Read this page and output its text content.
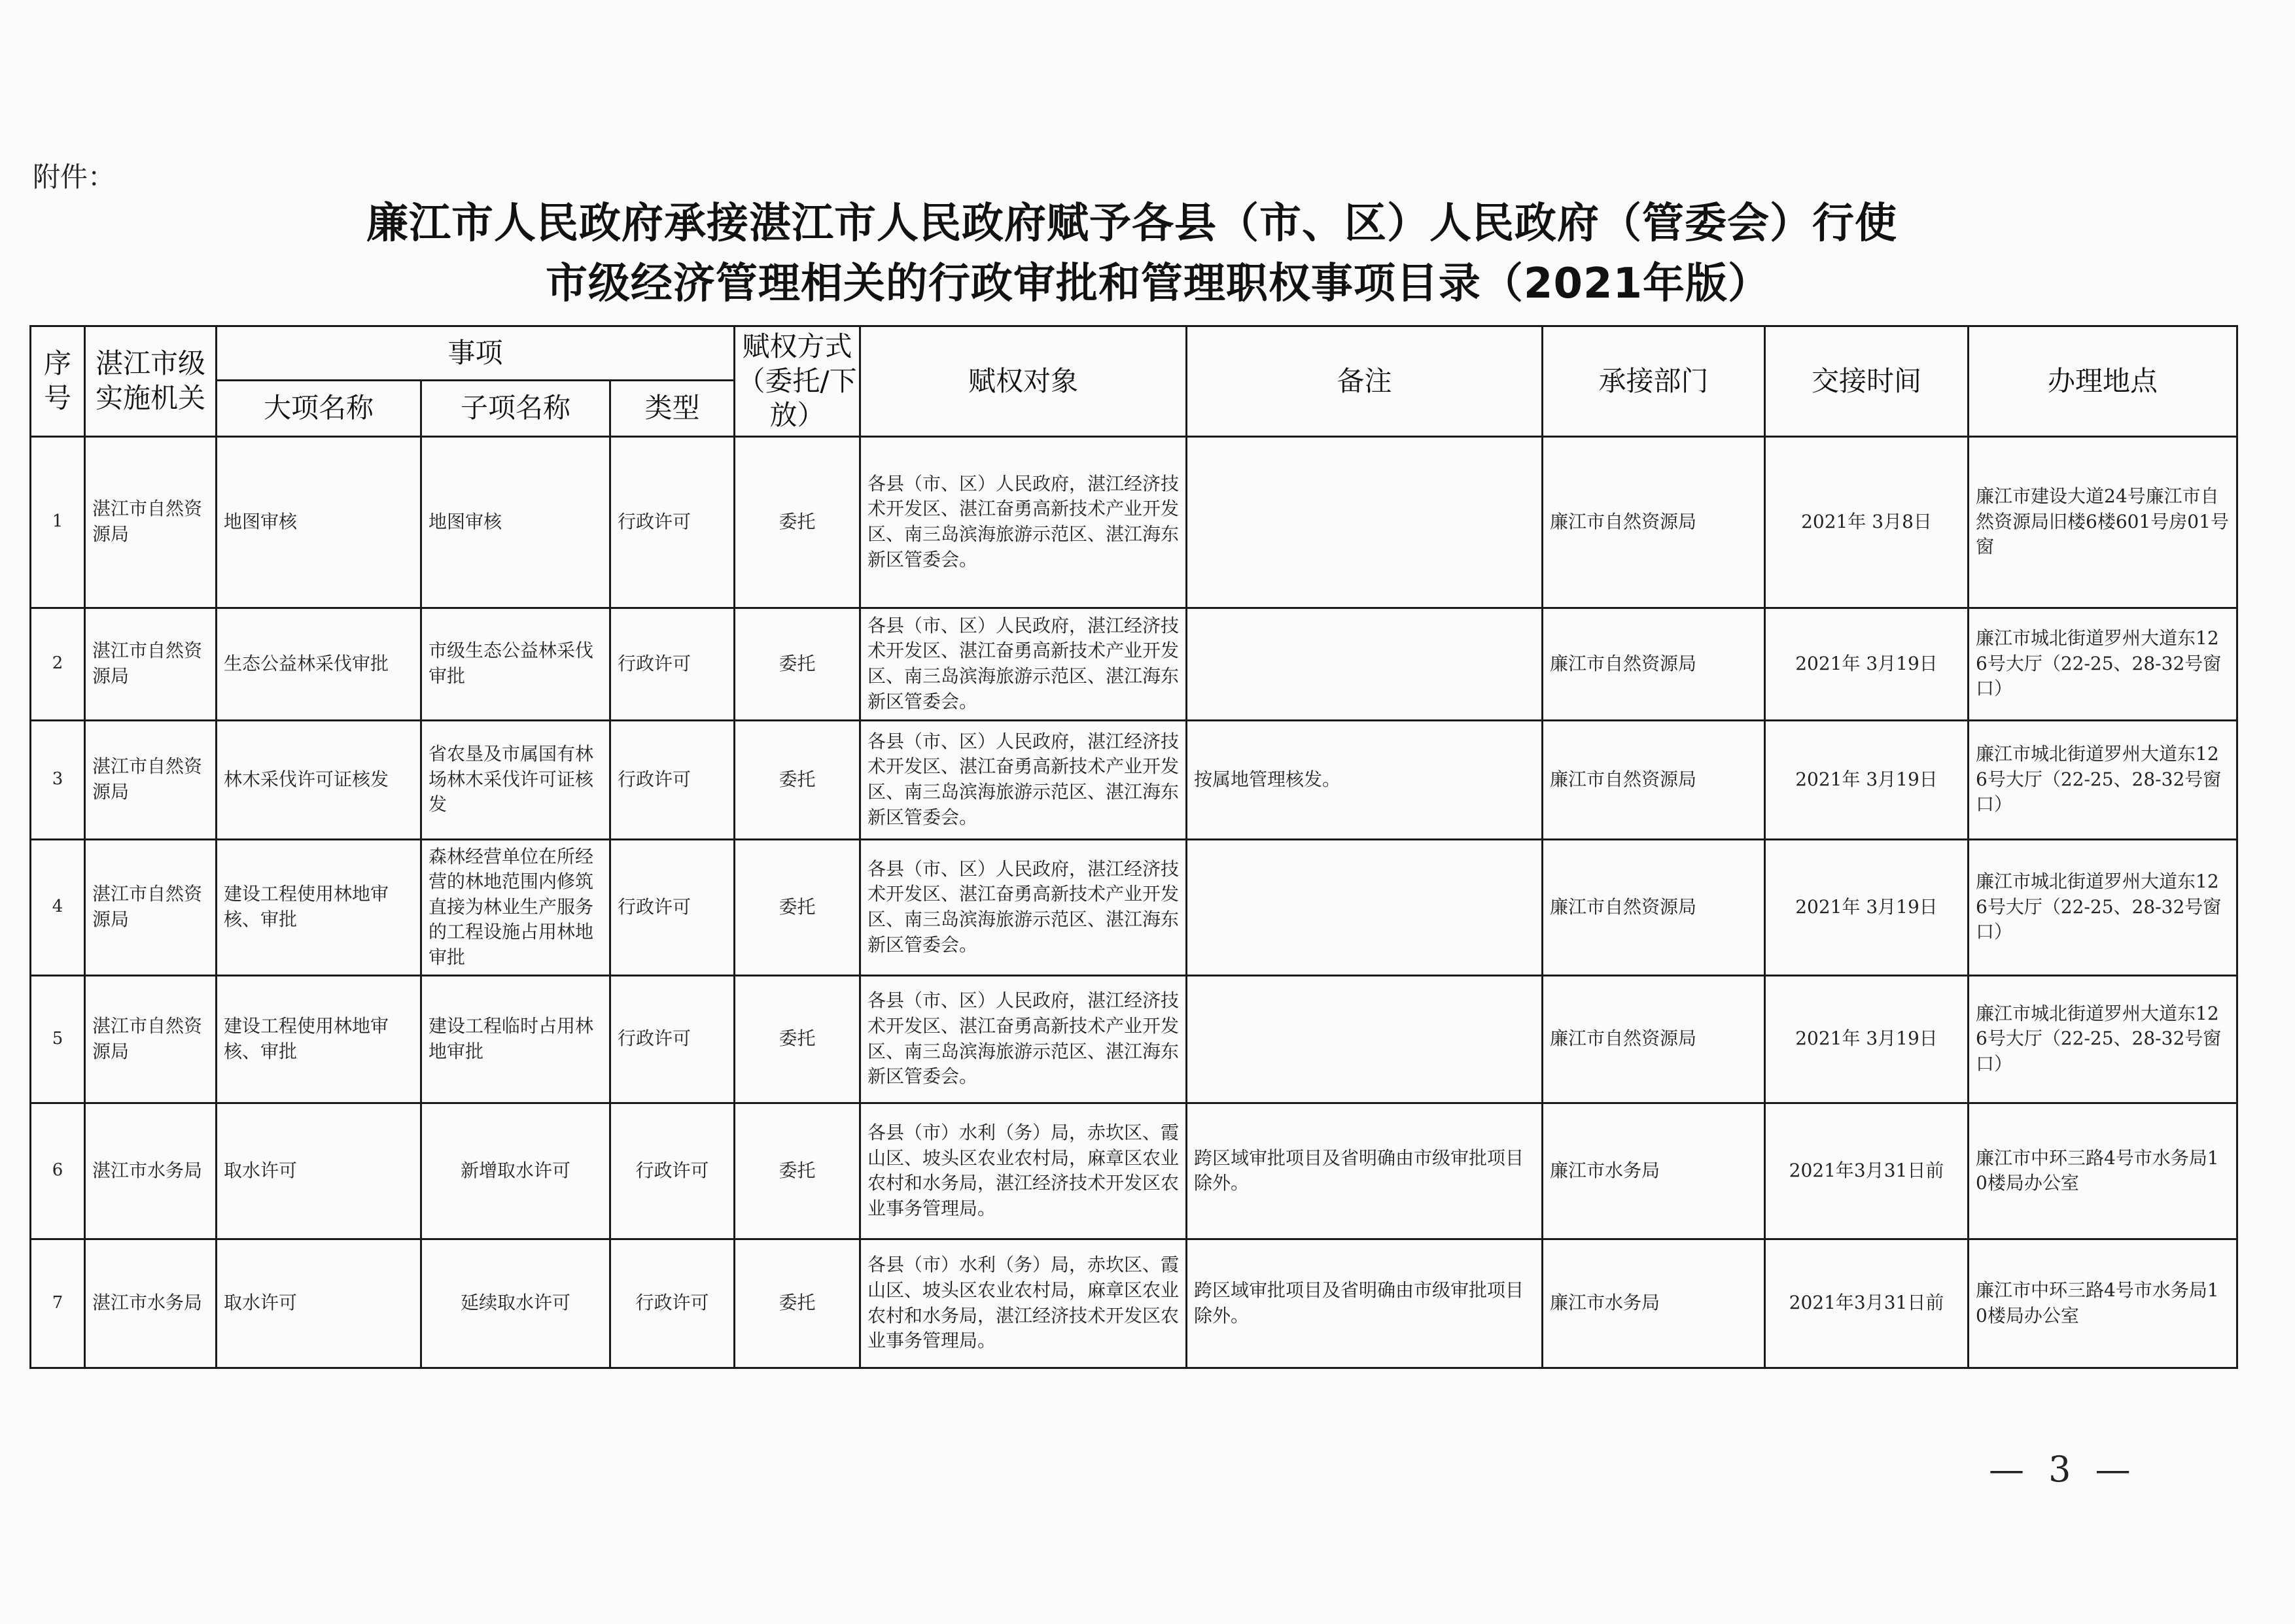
附件：
廉江市人民政府承接湛江市人民政府赋予各县（市、区）人民政府（管委会）行使
市级经济管理相关的行政审批和管理职权事项目录（2021年版）
序号	湛江市级实施机关	事项			赋权方式（委托/下放）	赋权对象	备注	承接部门	交接时间	办理地点
		大项名称	子项名称	类型						
1	湛江市自然资源局	地图审核	地图审核	行政许可	委托	各县（市、区）人民政府，湛江经济技术开发区、湛江奋勇高新技术产业开发区、南三岛滨海旅游示范区、湛江海东新区管委会。		廉江市自然资源局	2021年 3月8日	廉江市建设大道24号廉江市自然资源局旧楼6楼601号房01号窗
2	湛江市自然资源局	生态公益林采伐审批	市级生态公益林采伐审批	行政许可	委托	各县（市、区）人民政府，湛江经济技术开发区、湛江奋勇高新技术产业开发区、南三岛滨海旅游示范区、湛江海东新区管委会。		廉江市自然资源局	2021年 3月19日	廉江市城北街道罗州大道东126号大厅（22-25、28-32号窗口）
3	湛江市自然资源局	林木采伐许可证核发	省农垦及市属国有林场林木采伐许可证核发	行政许可	委托	各县（市、区）人民政府，湛江经济技术开发区、湛江奋勇高新技术产业开发区、南三岛滨海旅游示范区、湛江海东新区管委会。	按属地管理核发。	廉江市自然资源局	2021年 3月19日	廉江市城北街道罗州大道东126号大厅（22-25、28-32号窗口）
4	湛江市自然资源局	建设工程使用林地审核、审批	森林经营单位在所经营的林地范围内修筑直接为林业生产服务的工程设施占用林地审批	行政许可	委托	各县（市、区）人民政府，湛江经济技术开发区、湛江奋勇高新技术产业开发区、南三岛滨海旅游示范区、湛江海东新区管委会。		廉江市自然资源局	2021年 3月19日	廉江市城北街道罗州大道东126号大厅（22-25、28-32号窗口）
5	湛江市自然资源局	建设工程使用林地审核、审批	建设工程临时占用林地审批	行政许可	委托	各县（市、区）人民政府，湛江经济技术开发区、湛江奋勇高新技术产业开发区、南三岛滨海旅游示范区、湛江海东新区管委会。		廉江市自然资源局	2021年 3月19日	廉江市城北街道罗州大道东126号大厅（22-25、28-32号窗口）
6	湛江市水务局	取水许可	新增取水许可	行政许可	委托	各县（市）水利（务）局，赤坎区、霞山区、坡头区农业农村局，麻章区农业农村和水务局，湛江经济技术开发区农业事务管理局。	跨区域审批项目及省明确由市级审批项目除外。	廉江市水务局	2021年3月31日前	廉江市中环三路4号市水务局10楼局办公室
7	湛江市水务局	取水许可	延续取水许可	行政许可	委托	各县（市）水利（务）局，赤坎区、霞山区、坡头区农业农村局，麻章区农业农村和水务局，湛江经济技术开发区农业事务管理局。	跨区域审批项目及省明确由市级审批项目除外。	廉江市水务局	2021年3月31日前	廉江市中环三路4号市水务局10楼局办公室
— 3 —
